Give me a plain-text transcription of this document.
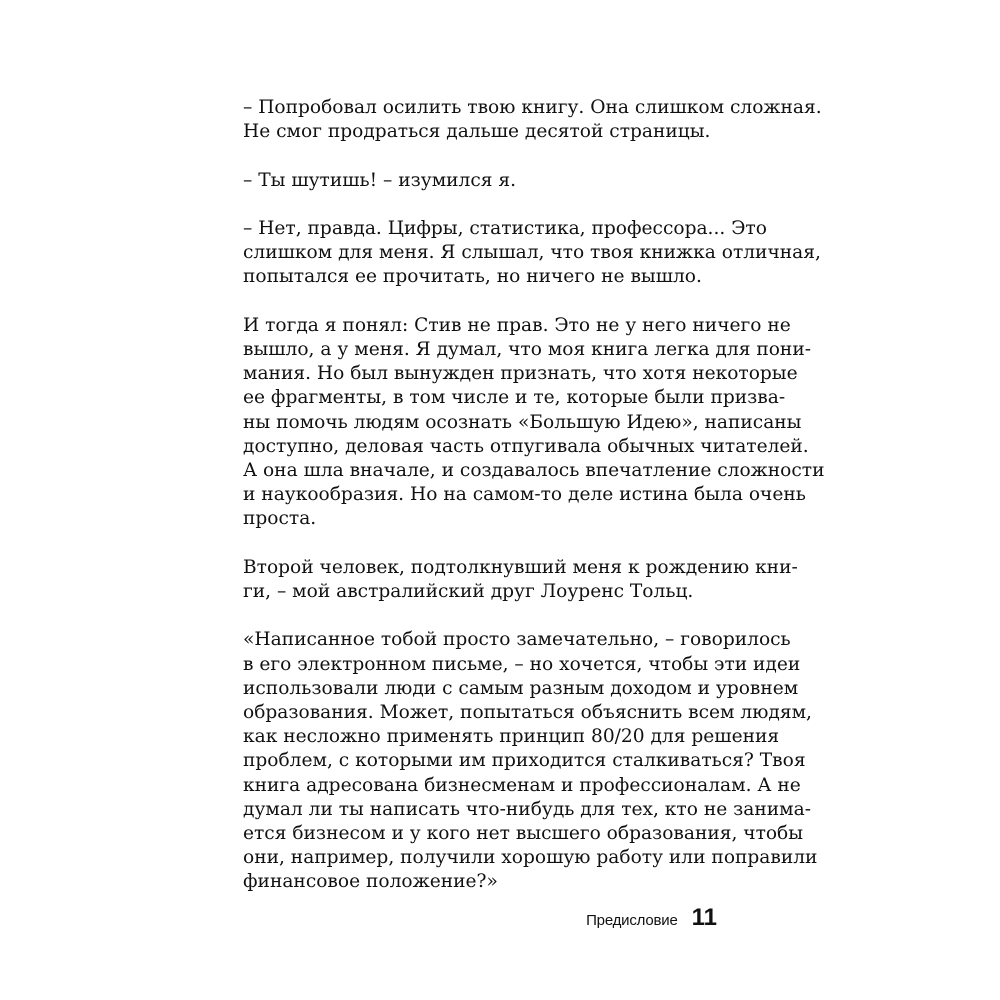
– Попробовал осилить твою книгу. Она слишком сложная.
Не смог продраться дальше десятой страницы.

– Ты шутишь! – изумился я.

– Нет, правда. Цифры, статистика, профессора... Это
слишком для меня. Я слышал, что твоя книжка отличная,
попытался ее прочитать, но ничего не вышло.

И тогда я понял: Стив не прав. Это не у него ничего не
вышло, а у меня. Я думал, что моя книга легка для пони-
мания. Но был вынужден признать, что хотя некоторые
ее фрагменты, в том числе и те, которые были призва-
ны помочь людям осознать «Большую Идею», написаны
доступно, деловая часть отпугивала обычных читателей.
А она шла вначале, и создавалось впечатление сложности
и наукообразия. Но на самом-то деле истина была очень
проста.

Второй человек, подтолкнувший меня к рождению кни-
ги, – мой австралийский друг Лоуренс Тольц.

«Написанное тобой просто замечательно, – говорилось
в его электронном письме, – но хочется, чтобы эти идеи
использовали люди с самым разным доходом и уровнем
образования. Может, попытаться объяснить всем людям,
как несложно применять принцип 80/20 для решения
проблем, с которыми им приходится сталкиваться? Твоя
книга адресована бизнесменам и профессионалам. А не
думал ли ты написать что-нибудь для тех, кто не занима-
ется бизнесом и у кого нет высшего образования, чтобы
они, например, получили хорошую работу или поправили
финансовое положение?»

Предисловие 11
